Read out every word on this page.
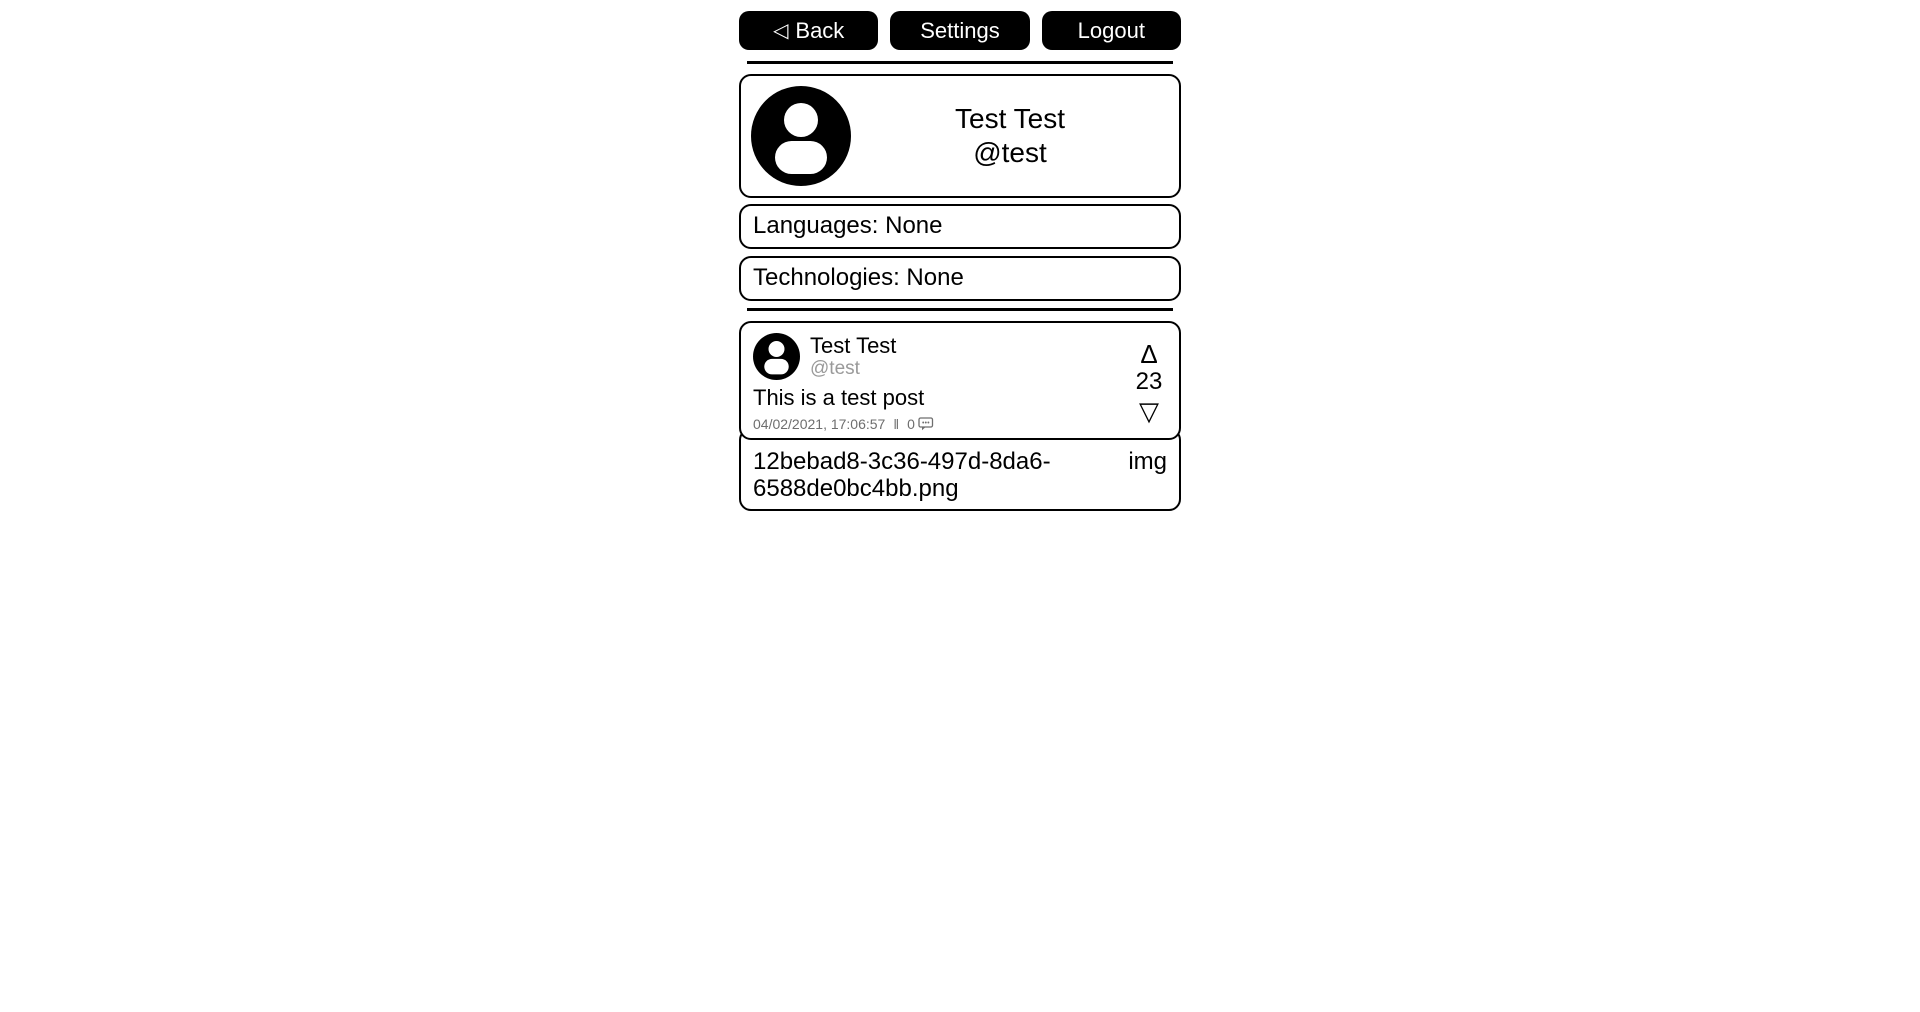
◁ Back	Settings	Logout
Test Test
@test
Languages: None
Technologies: None
Test Test
@test
This is a test post
04/02/2021, 17:06:57 ‖ 0
Δ
23
▽
12bebad8-3c36-497d-8da6-6588de0bc4bb.png
img
